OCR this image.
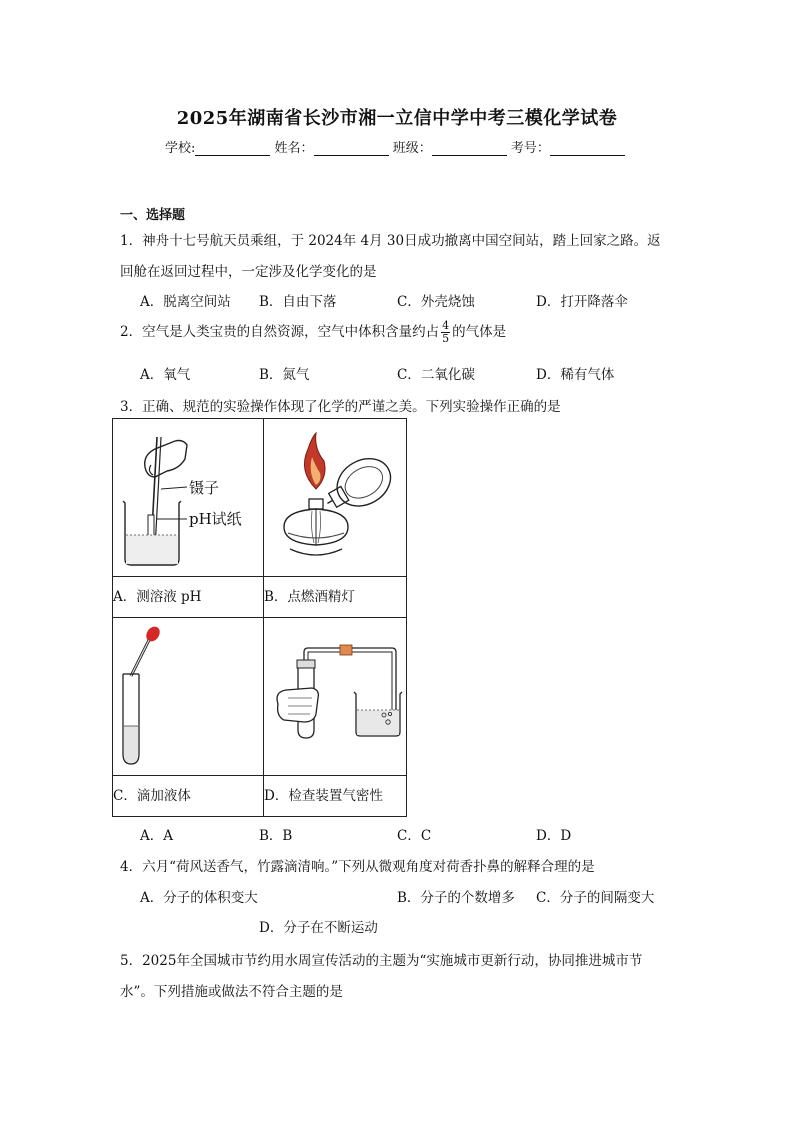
2025年湖南省长沙市湘一立信中学中考三模化学试卷
学校:	姓名：	班级：	考号：
一、选择题
1．神舟十七号航天员乘组，于 2024年 4月 30日成功撤离中国空间站，踏上回家之路。返
回舱在返回过程中，一定涉及化学变化的是
A．脱离空间站 B．自由下落	C．外壳烧蚀	D．打开降落伞
2．空气是人类宝贵的自然资源，空气中体积含量约占 $\frac{4}{5}$ 的气体是
A．氧气	B．氮气	C．二氧化碳	D．稀有气体
3．正确、规范的实验操作体现了化学的严谨之美。下列实验操作正确的是
镊子
pH试纸

A．测溶液 pH	B．点燃酒精灯

C．滴加液体	D．检查装置气密性
A．A	B．B	C．C	D．D
4．六月“荷风送香气，竹露滴清响。”下列从微观角度对荷香扑鼻的解释合理的是
A．分子的体积变大	B．分子的个数增多 C．分子的间隔变大
D．分子在不断运动
5．2025年全国城市节约用水周宣传活动的主题为“实施城市更新行动，协同推进城市节
水”。下列措施或做法不符合主题的是
